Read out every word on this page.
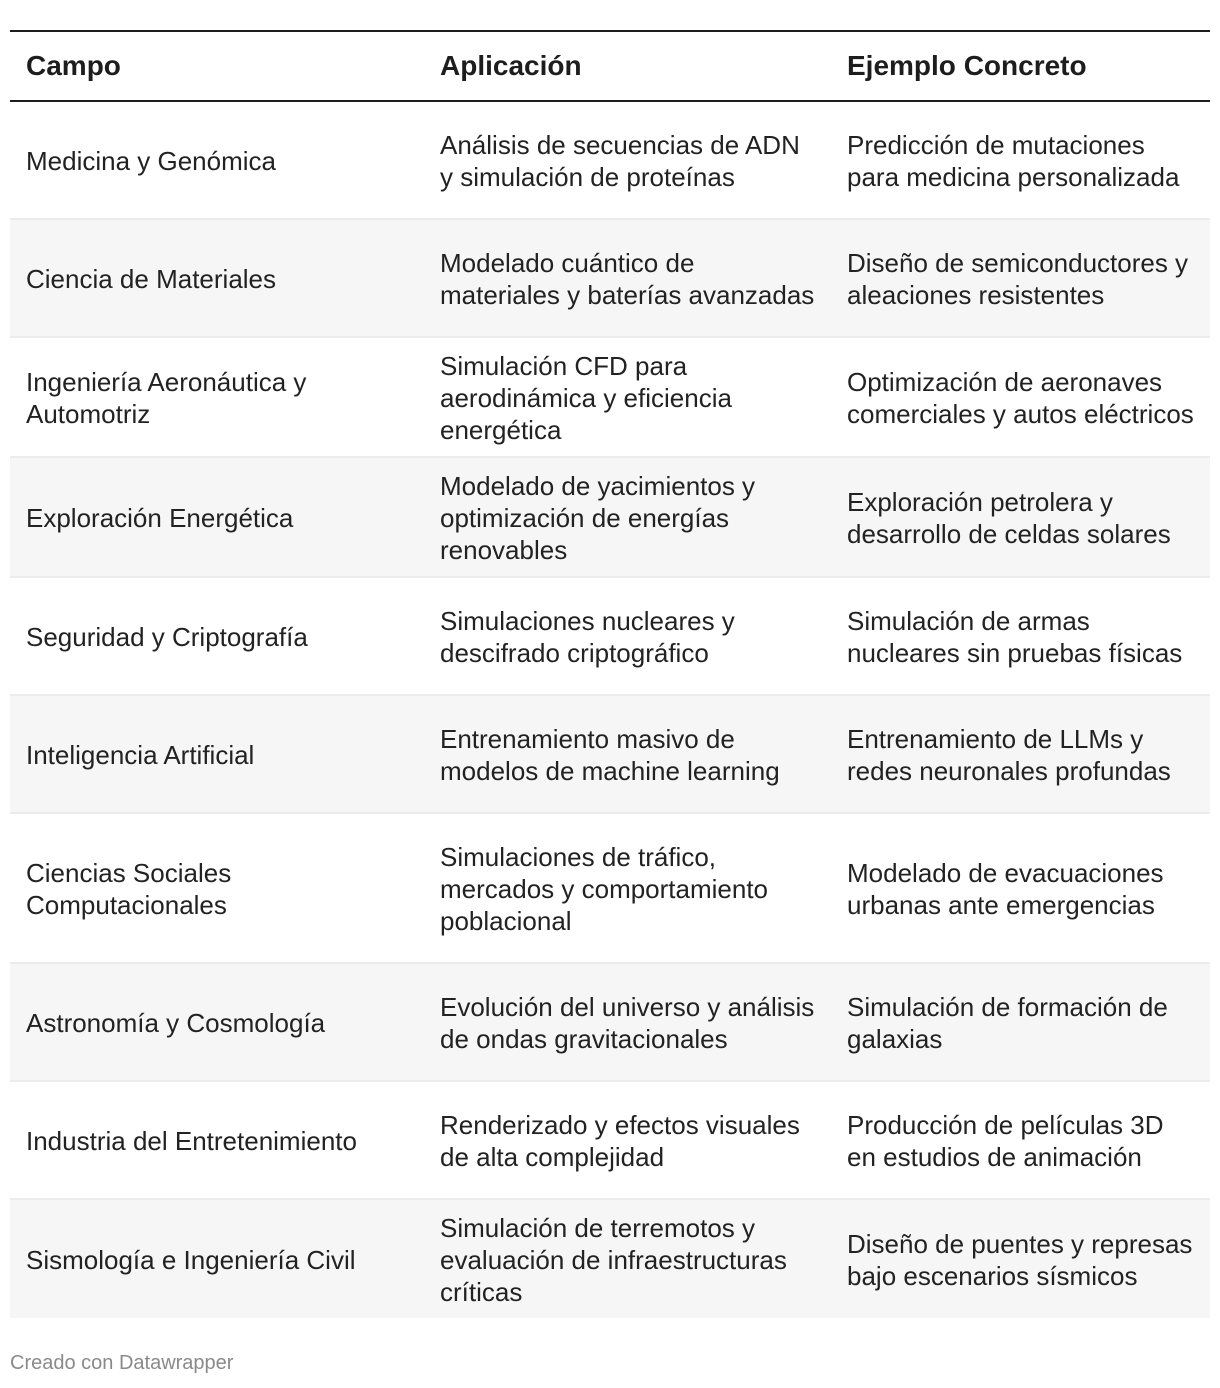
Campo	Aplicación	Ejemplo Concreto
Medicina y Genómica	Análisis de secuencias de ADN y simulación de proteínas	Predicción de mutaciones para medicina personalizada
Ciencia de Materiales	Modelado cuántico de materiales y baterías avanzadas	Diseño de semiconductores y aleaciones resistentes
Ingeniería Aeronáutica y Automotriz	Simulación CFD para aerodinámica y eficiencia energética	Optimización de aeronaves comerciales y autos eléctricos
Exploración Energética	Modelado de yacimientos y optimización de energías renovables	Exploración petrolera y desarrollo de celdas solares
Seguridad y Criptografía	Simulaciones nucleares y descifrado criptográfico	Simulación de armas nucleares sin pruebas físicas
Inteligencia Artificial	Entrenamiento masivo de modelos de machine learning	Entrenamiento de LLMs y redes neuronales profundas
Ciencias Sociales Computacionales	Simulaciones de tráfico, mercados y comportamiento poblacional	Modelado de evacuaciones urbanas ante emergencias
Astronomía y Cosmología	Evolución del universo y análisis de ondas gravitacionales	Simulación de formación de galaxias
Industria del Entretenimiento	Renderizado y efectos visuales de alta complejidad	Producción de películas 3D en estudios de animación
Sismología e Ingeniería Civil	Simulación de terremotos y evaluación de infraestructuras críticas	Diseño de puentes y represas bajo escenarios sísmicos
Creado con Datawrapper
